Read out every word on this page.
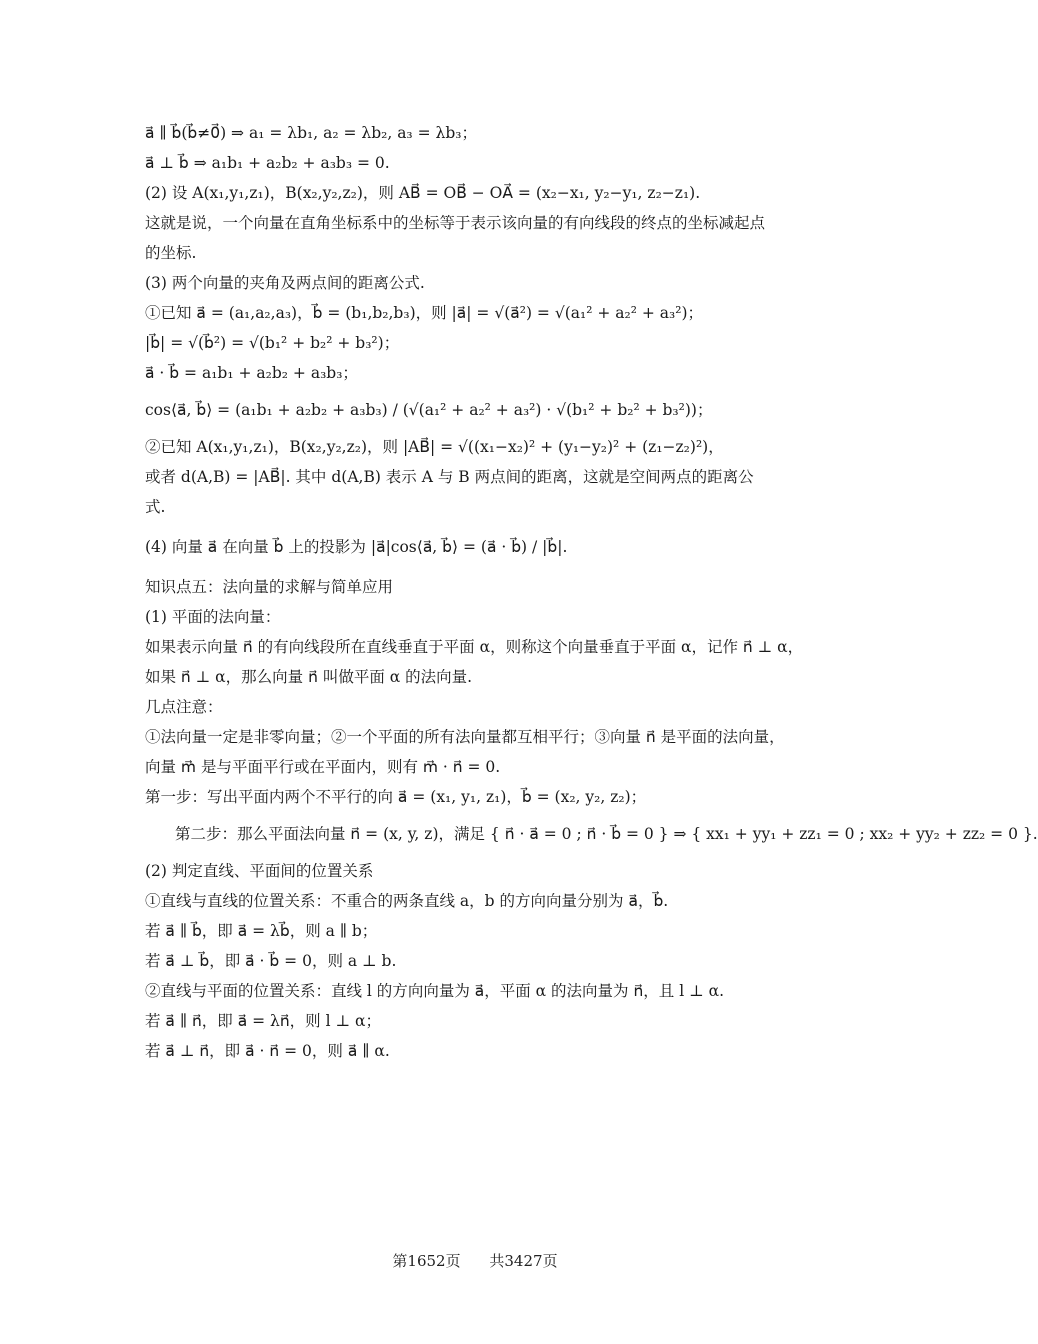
a⃗ ∥ b⃗(b⃗≠0⃗) ⇒ a₁ = λb₁, a₂ = λb₂, a₃ = λb₃；
a⃗ ⊥ b⃗ ⇒ a₁b₁ + a₂b₂ + a₃b₃ = 0.
(2) 设 A(x₁,y₁,z₁)，B(x₂,y₂,z₂)，则 AB⃗ = OB⃗ − OA⃗ = (x₂−x₁, y₂−y₁, z₂−z₁).
这就是说，一个向量在直角坐标系中的坐标等于表示该向量的有向线段的终点的坐标减起点
的坐标.
(3) 两个向量的夹角及两点间的距离公式.
①已知 a⃗ = (a₁,a₂,a₃)，b⃗ = (b₁,b₂,b₃)，则 |a⃗| = √(a⃗²) = √(a₁² + a₂² + a₃²)；
|b⃗| = √(b⃗²) = √(b₁² + b₂² + b₃²)；
a⃗ · b⃗ = a₁b₁ + a₂b₂ + a₃b₃；
cos⟨a⃗, b⃗⟩ = (a₁b₁ + a₂b₂ + a₃b₃) / (√(a₁² + a₂² + a₃²) · √(b₁² + b₂² + b₃²))；
②已知 A(x₁,y₁,z₁)，B(x₂,y₂,z₂)，则 |AB⃗| = √((x₁−x₂)² + (y₁−y₂)² + (z₁−z₂)²)，
或者 d(A,B) = |AB⃗|. 其中 d(A,B) 表示 A 与 B 两点间的距离，这就是空间两点的距离公
式.
(4) 向量 a⃗ 在向量 b⃗ 上的投影为 |a⃗|cos⟨a⃗, b⃗⟩ = (a⃗ · b⃗) / |b⃗|.
知识点五：法向量的求解与简单应用
(1) 平面的法向量：
如果表示向量 n⃗ 的有向线段所在直线垂直于平面 α，则称这个向量垂直于平面 α，记作 n⃗ ⊥ α，
如果 n⃗ ⊥ α，那么向量 n⃗ 叫做平面 α 的法向量.
几点注意：
①法向量一定是非零向量；②一个平面的所有法向量都互相平行；③向量 n⃗ 是平面的法向量，
向量 m⃗ 是与平面平行或在平面内，则有 m⃗ · n⃗ = 0.
第一步：写出平面内两个不平行的向 a⃗ = (x₁, y₁, z₁)，b⃗ = (x₂, y₂, z₂)；
第二步：那么平面法向量 n⃗ = (x, y, z)，满足 { n⃗ · a⃗ = 0 ; n⃗ · b⃗ = 0 } ⇒ { xx₁ + yy₁ + zz₁ = 0 ; xx₂ + yy₂ + zz₂ = 0 }.
(2) 判定直线、平面间的位置关系
①直线与直线的位置关系：不重合的两条直线 a，b 的方向向量分别为 a⃗，b⃗.
若 a⃗ ∥ b⃗，即 a⃗ = λb⃗，则 a ∥ b；
若 a⃗ ⊥ b⃗，即 a⃗ · b⃗ = 0，则 a ⊥ b.
②直线与平面的位置关系：直线 l 的方向向量为 a⃗，平面 α 的法向量为 n⃗，且 l ⊥ α.
若 a⃗ ∥ n⃗，即 a⃗ = λn⃗，则 l ⊥ α；
若 a⃗ ⊥ n⃗，即 a⃗ · n⃗ = 0，则 a⃗ ∥ α.
第1652页 共3427页
